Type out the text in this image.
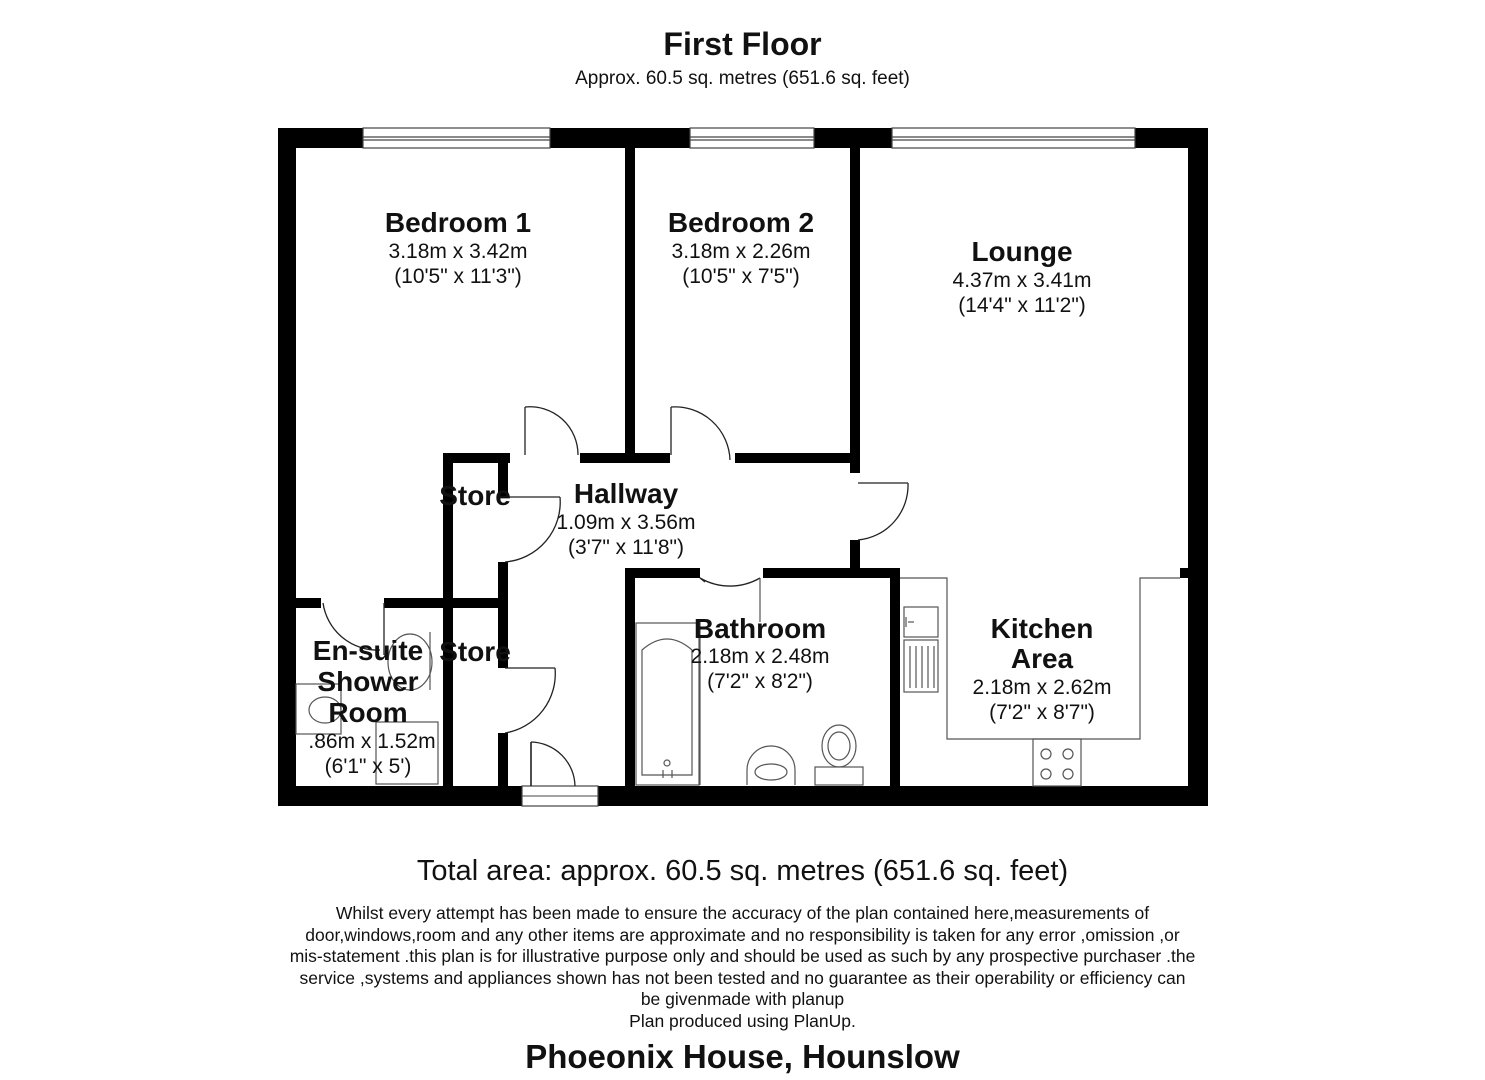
First Floor
Approx. 60.5 sq. metres (651.6 sq. feet)
Bedroom 1
3.18m x 3.42m
(10'5" x 11'3")
Bedroom 2
3.18m x 2.26m
(10'5" x 7'5")
Lounge
4.37m x 3.41m
(14'4" x 11'2")
Hallway
1.09m x 3.56m
(3'7" x 11'8")
Bathroom
2.18m x 2.48m
(7'2" x 8'2")
Kitchen
Area
2.18m x 2.62m
(7'2" x 8'7")
En-suite
Shower
Room
.86m x 1.52m
(6'1" x 5')
Store
Store
Total area: approx. 60.5 sq. metres (651.6 sq. feet)
Whilst every attempt has been made to ensure the accuracy of the plan contained here,measurements of
door,windows,room and any other items are approximate and no responsibility is taken for any error ,omission ,or
mis-statement .this plan is for illustrative purpose only and should be used as such by any prospective purchaser .the
service ,systems and appliances shown has not been tested and no guarantee as their operability or efficiency can
be givenmade with planup
Plan produced using PlanUp.
Phoeonix House, Hounslow
